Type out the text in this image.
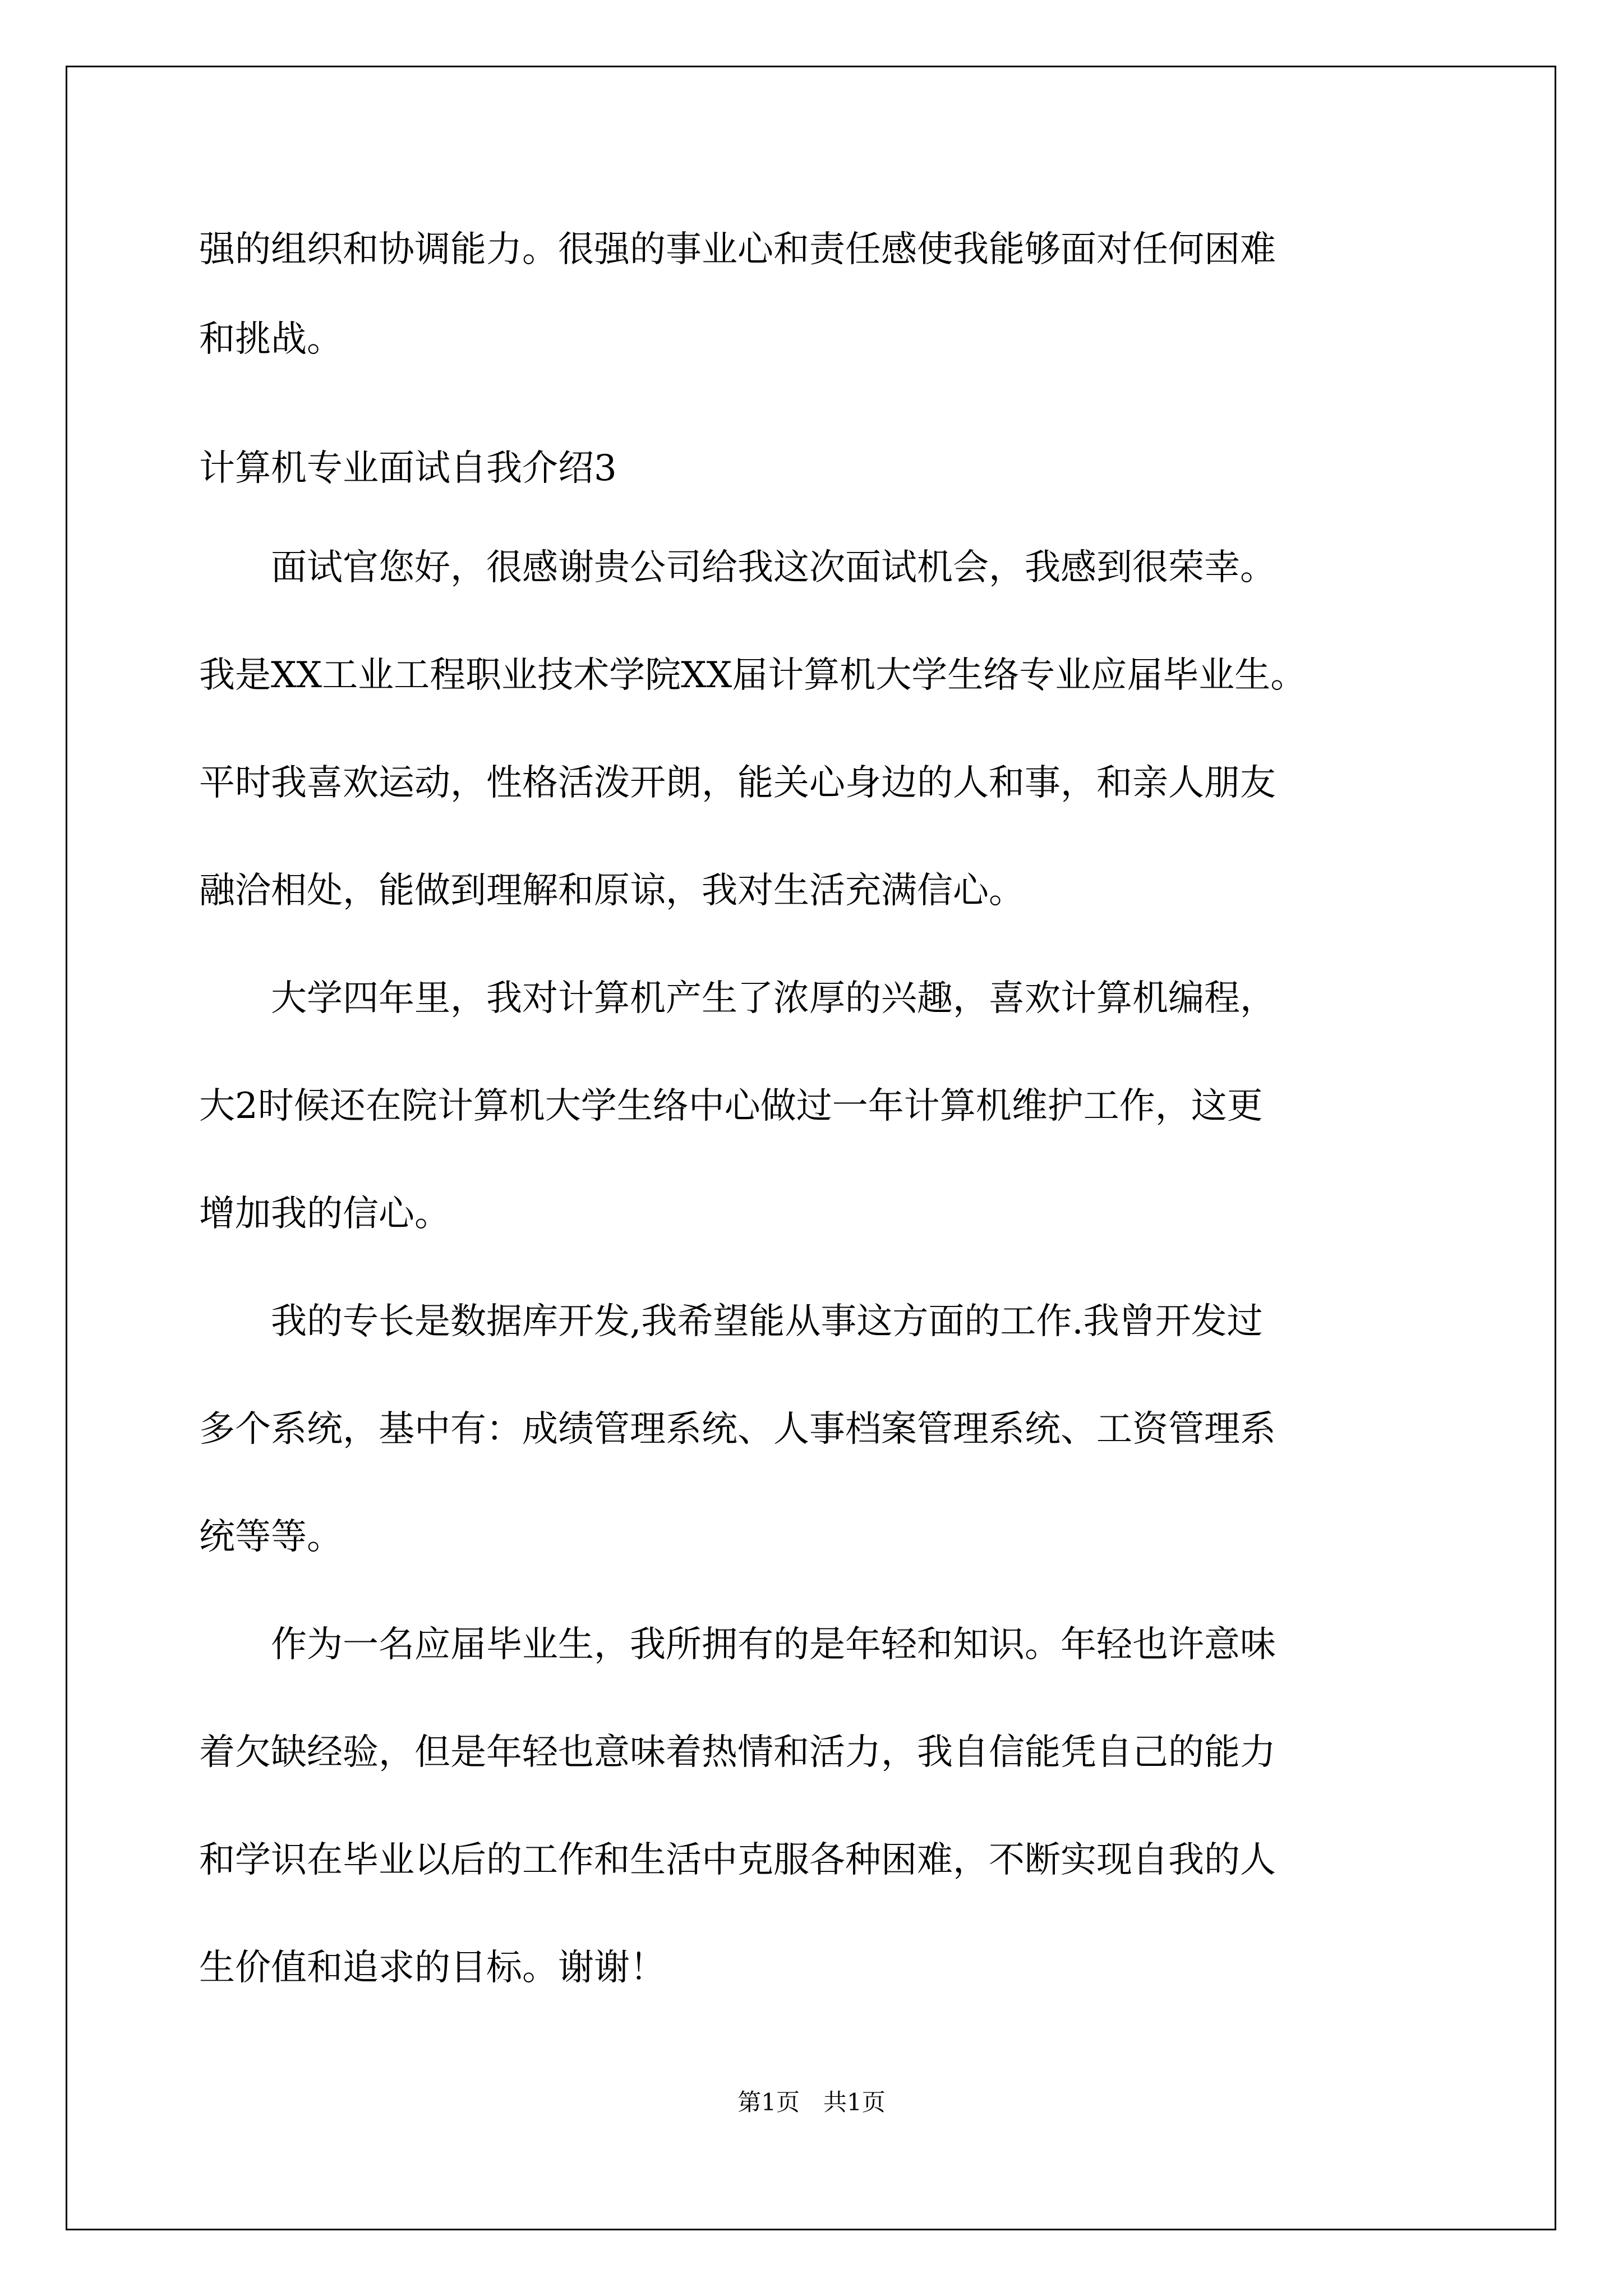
强的组织和协调能力。很强的事业心和责任感使我能够面对任何困难
和挑战。
计算机专业面试自我介绍3
　　面试官您好，很感谢贵公司给我这次面试机会，我感到很荣幸。
我是XX工业工程职业技术学院XX届计算机大学生络专业应届毕业生。
平时我喜欢运动，性格活泼开朗，能关心身边的人和事，和亲人朋友
融洽相处，能做到理解和原谅，我对生活充满信心。
　　大学四年里，我对计算机产生了浓厚的兴趣，喜欢计算机编程，
大2时候还在院计算机大学生络中心做过一年计算机维护工作，这更
增加我的信心。
　　我的专长是数据库开发,我希望能从事这方面的工作.我曾开发过
多个系统，基中有：成绩管理系统、人事档案管理系统、工资管理系
统等等。
　　作为一名应届毕业生，我所拥有的是年轻和知识。年轻也许意味
着欠缺经验，但是年轻也意味着热情和活力，我自信能凭自己的能力
和学识在毕业以后的工作和生活中克服各种困难，不断实现自我的人
生价值和追求的目标。谢谢！
第1页　共1页
